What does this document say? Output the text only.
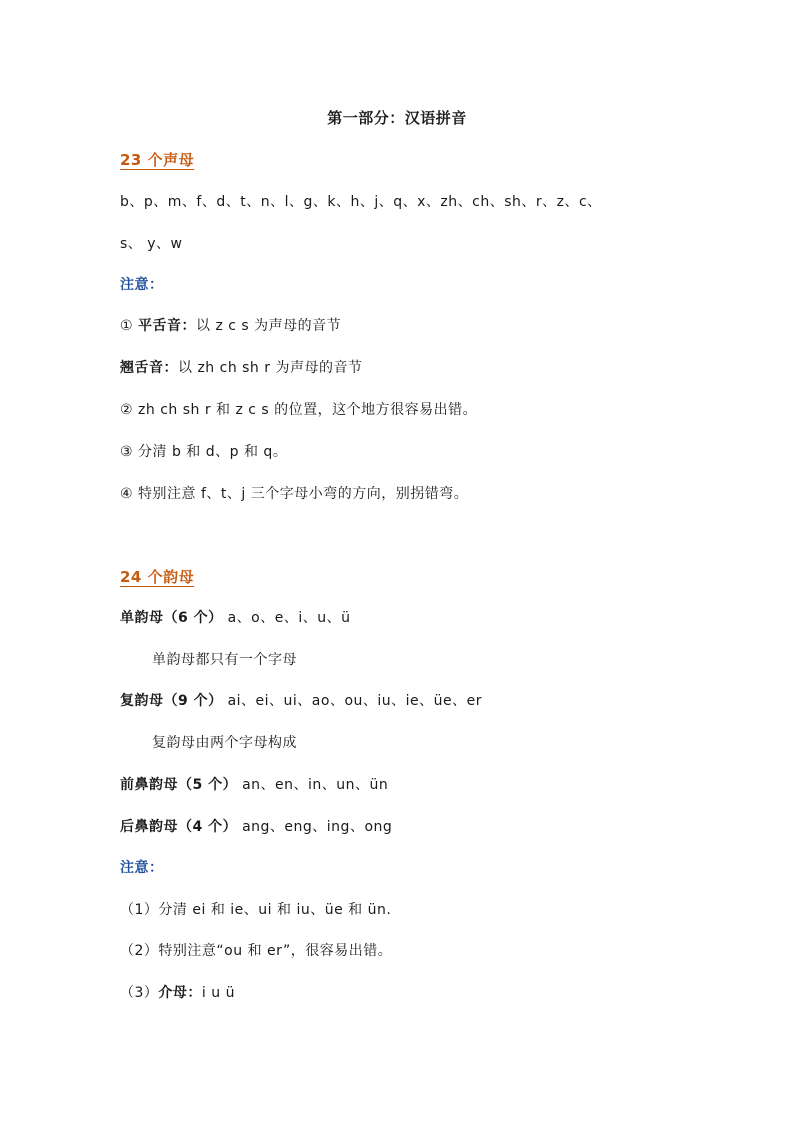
第一部分：汉语拼音
23 个声母
b、p、m、f、d、t、n、l、g、k、h、j、q、x、zh、ch、sh、r、z、c、
s、 y、w
注意：
① 平舌音：以 z c s 为声母的音节
翘舌音：以 zh ch sh r 为声母的音节
② zh ch sh r 和 z c s 的位置，这个地方很容易出错。
③ 分清 b 和 d、p 和 q。
④ 特别注意 f、t、j 三个字母小弯的方向，别拐错弯。
24 个韵母
单韵母（6 个） a、o、e、i、u、ü
单韵母都只有一个字母
复韵母（9 个） ai、ei、ui、ao、ou、iu、ie、üe、er
复韵母由两个字母构成
前鼻韵母（5 个） an、en、in、un、ün
后鼻韵母（4 个） ang、eng、ing、ong
注意：
（1）分清 ei 和 ie、ui 和 iu、üe 和 ün.
（2）特别注意“ou 和 er”，很容易出错。
（3）介母：i u ü
